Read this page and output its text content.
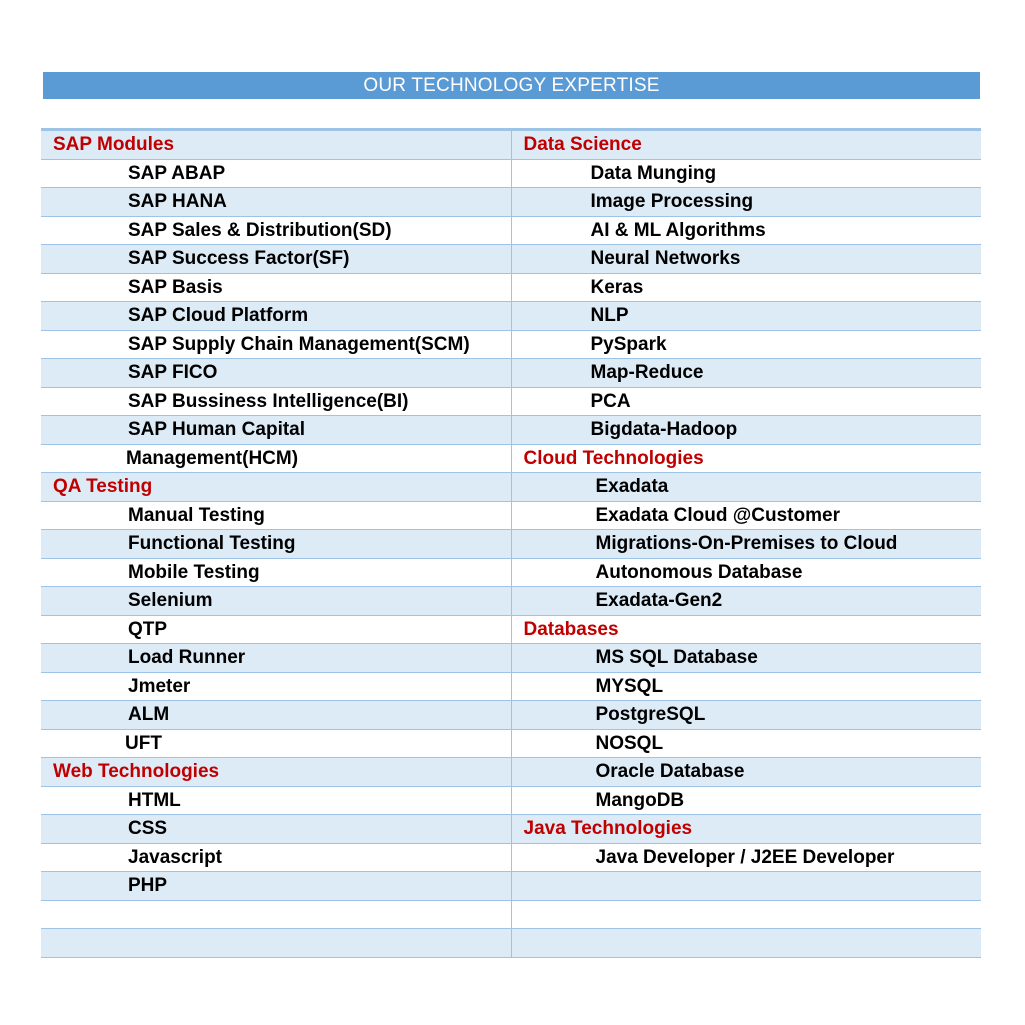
OUR TECHNOLOGY EXPERTISE
SAP Modules	Data Science
SAP ABAP	Data Munging
SAP HANA	Image Processing
SAP Sales & Distribution(SD)	AI & ML Algorithms
SAP Success Factor(SF)	Neural Networks
SAP Basis	Keras
SAP Cloud Platform	NLP
SAP Supply Chain Management(SCM)	PySpark
SAP FICO	Map-Reduce
SAP Bussiness Intelligence(BI)	PCA
SAP Human Capital	Bigdata-Hadoop
Management(HCM)	Cloud Technologies
QA Testing	Exadata
Manual Testing	Exadata Cloud @Customer
Functional Testing	Migrations-On-Premises to Cloud
Mobile Testing	Autonomous Database
Selenium	Exadata-Gen2
QTP	Databases
Load Runner	MS SQL Database
Jmeter	MYSQL
ALM	PostgreSQL
UFT	NOSQL
Web Technologies	Oracle Database
HTML	MangoDB
CSS	Java Technologies
Javascript	Java Developer / J2EE Developer
PHP	
